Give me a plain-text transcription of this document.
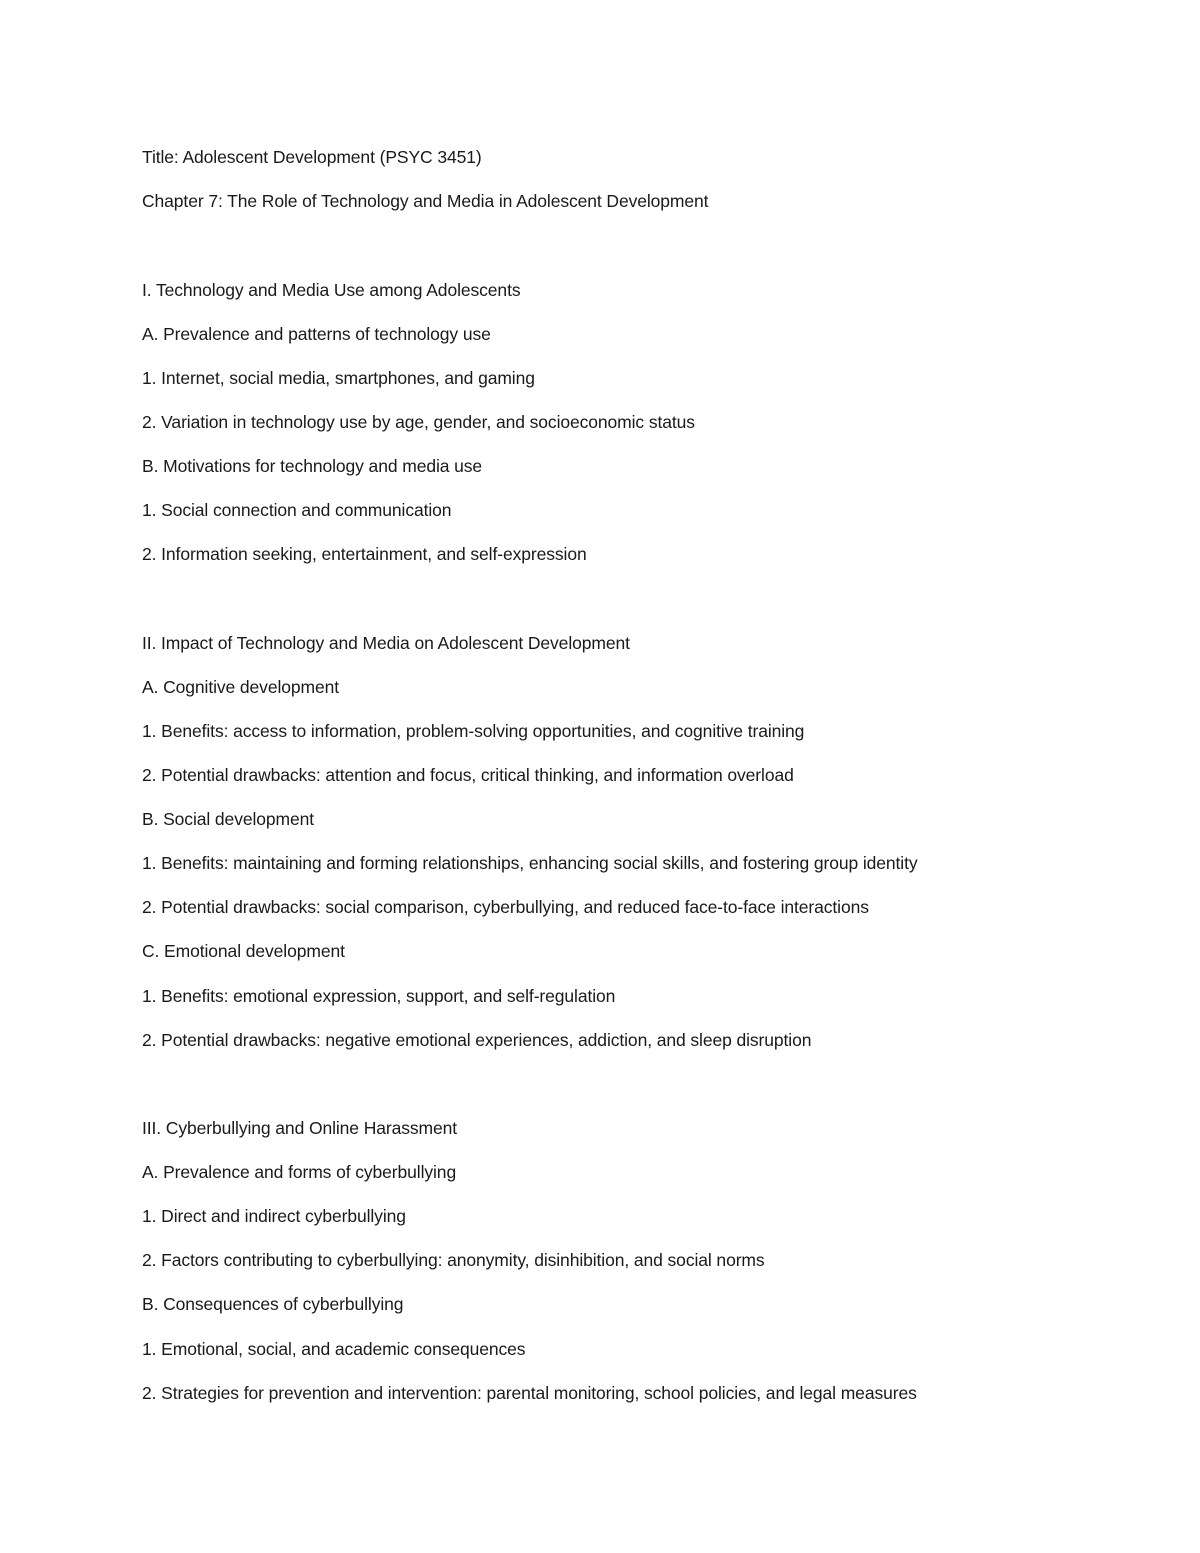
Title: Adolescent Development (PSYC 3451)
Chapter 7: The Role of Technology and Media in Adolescent Development
I. Technology and Media Use among Adolescents
A. Prevalence and patterns of technology use
1. Internet, social media, smartphones, and gaming
2. Variation in technology use by age, gender, and socioeconomic status
B. Motivations for technology and media use
1. Social connection and communication
2. Information seeking, entertainment, and self-expression
II. Impact of Technology and Media on Adolescent Development
A. Cognitive development
1. Benefits: access to information, problem-solving opportunities, and cognitive training
2. Potential drawbacks: attention and focus, critical thinking, and information overload
B. Social development
1. Benefits: maintaining and forming relationships, enhancing social skills, and fostering group identity
2. Potential drawbacks: social comparison, cyberbullying, and reduced face-to-face interactions
C. Emotional development
1. Benefits: emotional expression, support, and self-regulation
2. Potential drawbacks: negative emotional experiences, addiction, and sleep disruption
III. Cyberbullying and Online Harassment
A. Prevalence and forms of cyberbullying
1. Direct and indirect cyberbullying
2. Factors contributing to cyberbullying: anonymity, disinhibition, and social norms
B. Consequences of cyberbullying
1. Emotional, social, and academic consequences
2. Strategies for prevention and intervention: parental monitoring, school policies, and legal measures
